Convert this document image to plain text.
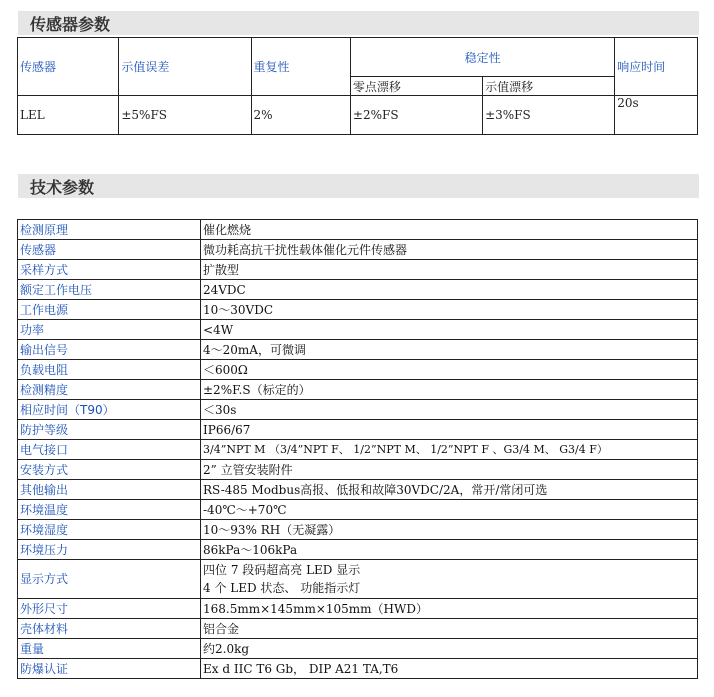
传感器参数
传感器	示值误差	重复性	稳定性		响应时间
			零点漂移	示值漂移	
LEL	±5%FS	2%	±2%FS	±3%FS	20s
技术参数
检测原理	催化燃烧
传感器	微功耗高抗干扰性载体催化元件传感器
采样方式	扩散型
额定工作电压	24VDC
工作电源	10～30VDC
功率	<4W
输出信号	4～20mA，可微调
负载电阻	＜600Ω
检测精度	±2%F.S（标定的）
相应时间（T90）	＜30s
防护等级	IP66/67
电气接口	3/4”NPT M （3/4”NPT F、 1/2”NPT M、 1/2”NPT F 、G3/4 M、 G3/4 F）
安装方式	2” 立管安装附件
其他输出	RS-485 Modbus高报、低报和故障30VDC/2A，常开/常闭可选
环境温度	-40℃～+70℃
环境湿度	10～93% RH（无凝露）
环境压力	86kPa～106kPa
显示方式	四位 7 段码超高亮 LED 显示
4 个 LED 状态、 功能指示灯

外形尺寸	168.5mm×145mm×105mm（HWD）
壳体材料	铝合金
重量	约2.0kg
防爆认证	Ex d IIC T6 Gb， DIP A21 TA,T6
